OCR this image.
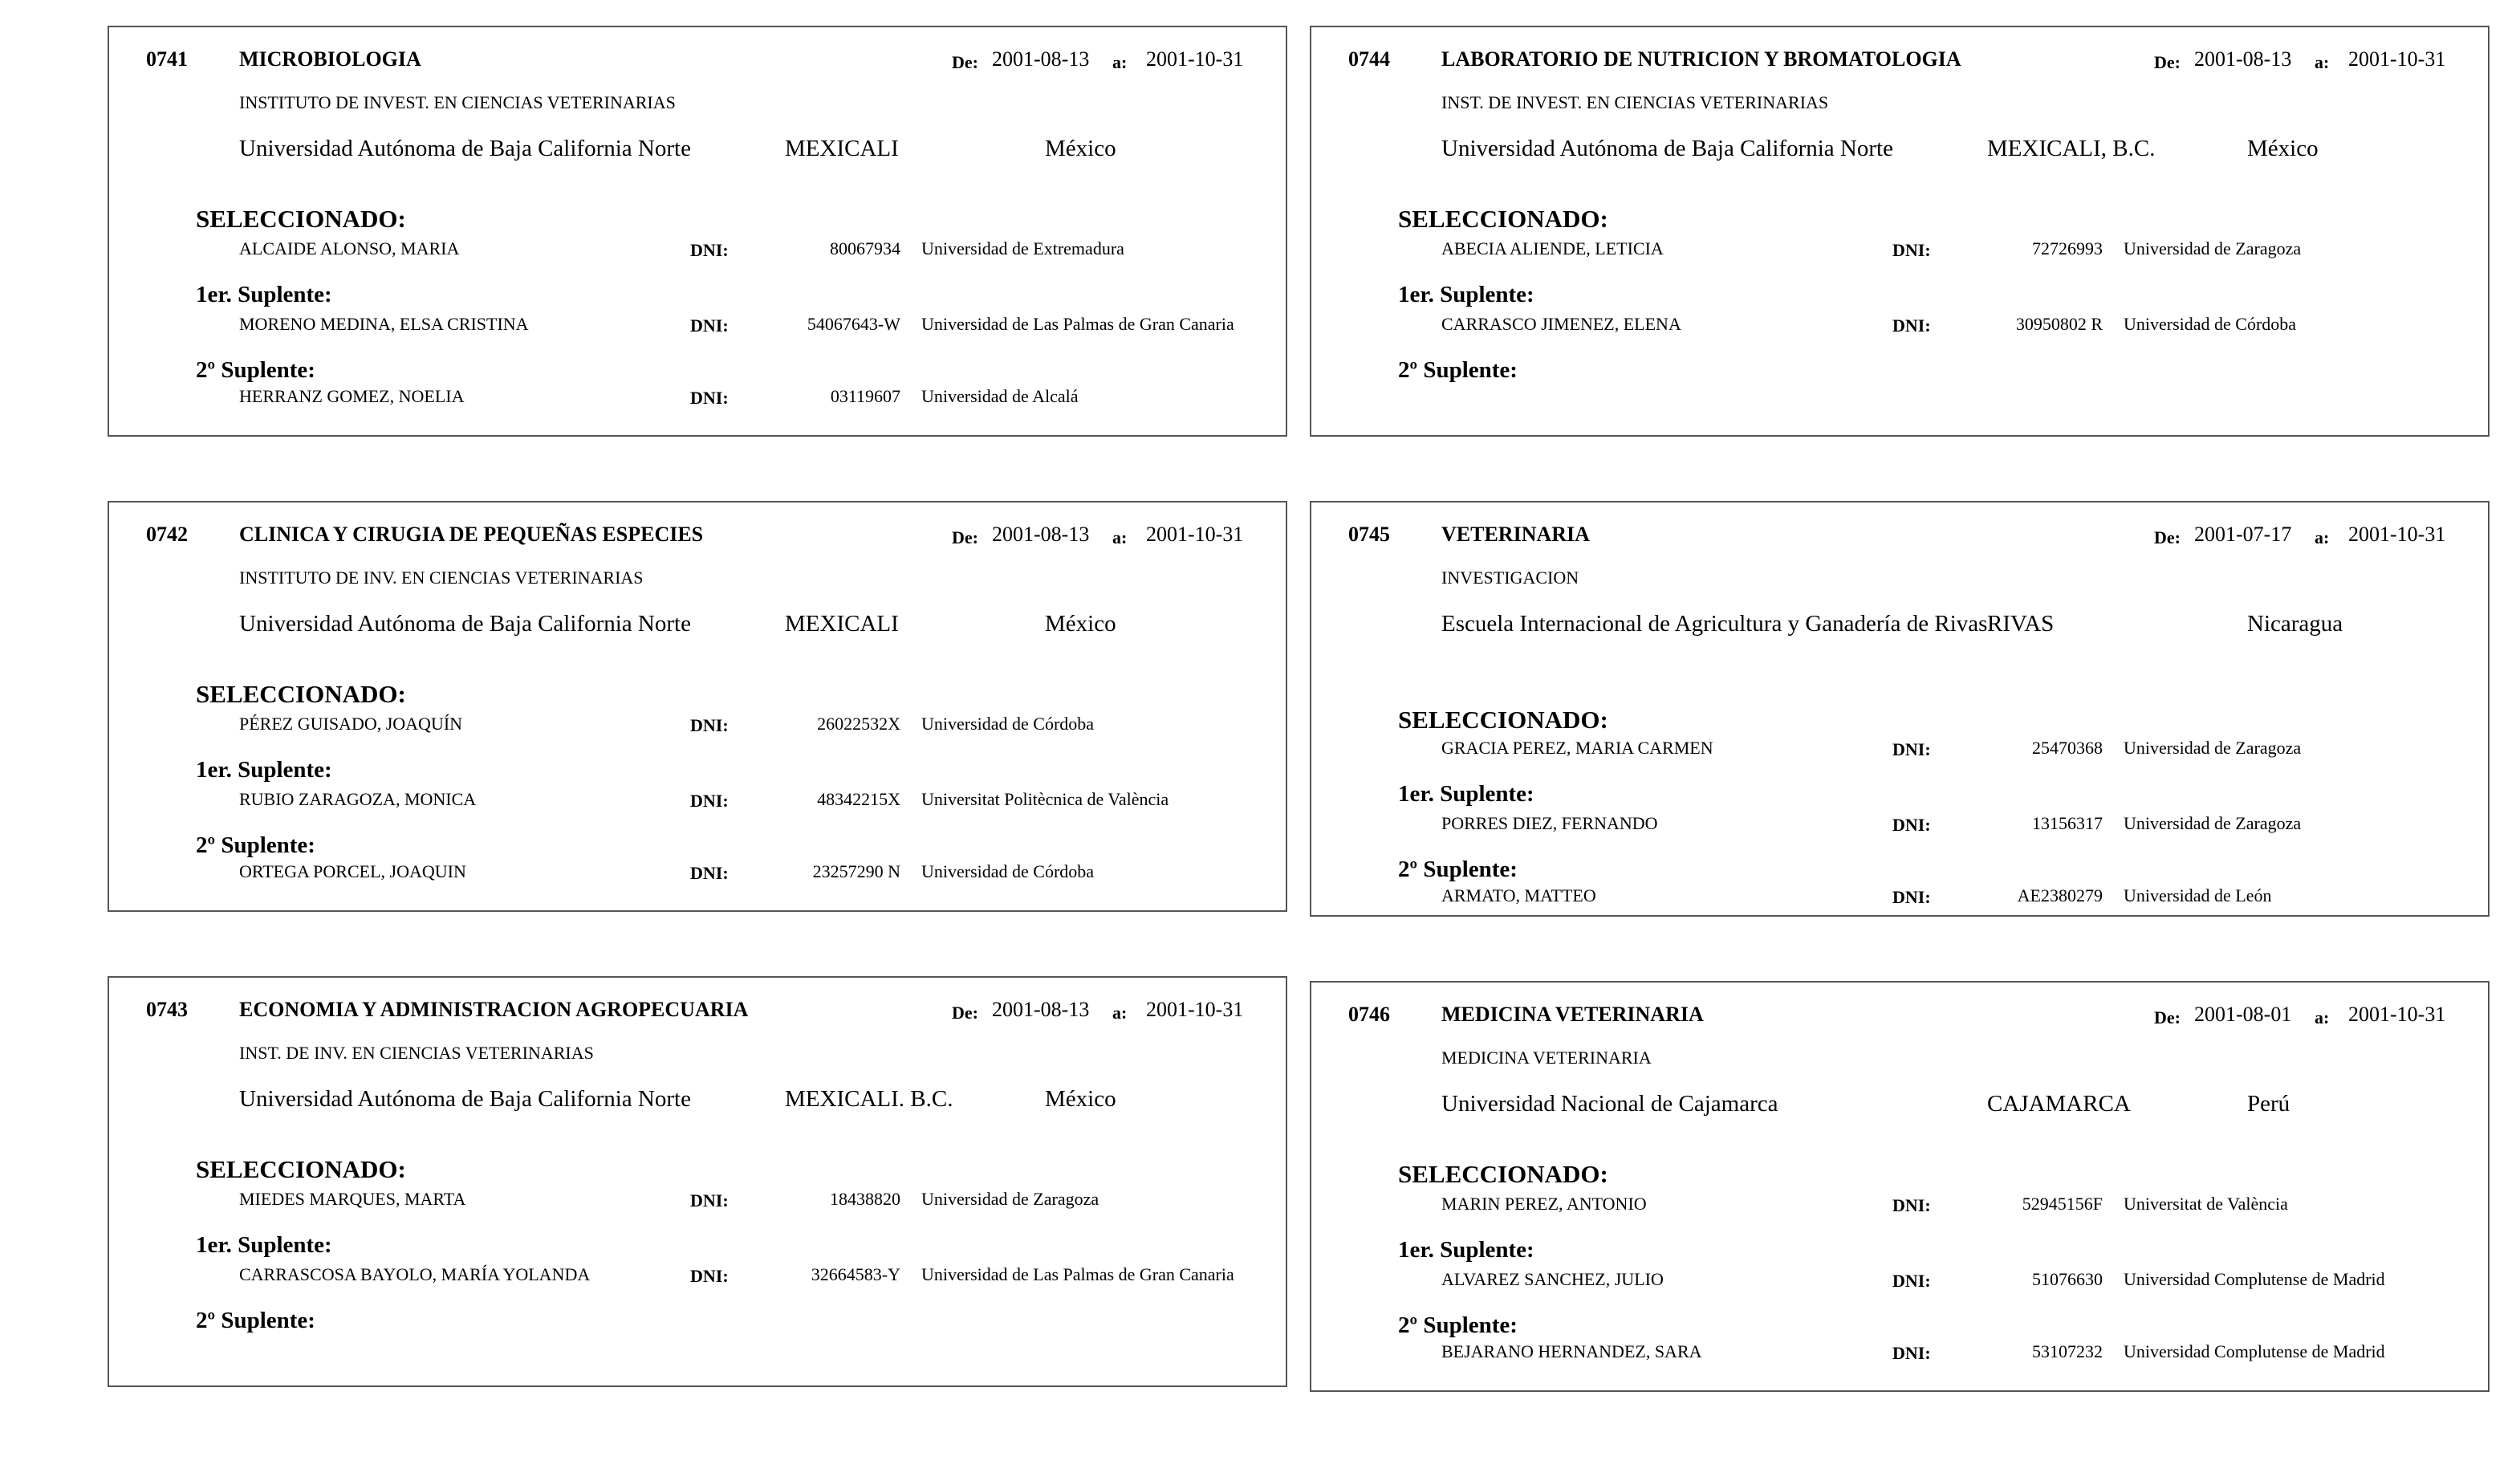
0741 MICROBIOLOGIA	De: 2001-08-13 a: 2001-10-31
INSTITUTO DE INVEST. EN CIENCIAS VETERINARIAS
Universidad Autónoma de Baja California Norte	MEXICALI	México
SELECCIONADO:
ALCAIDE ALONSO, MARIA	DNI:	80067934 Universidad de Extremadura
1er. Suplente:
MORENO MEDINA, ELSA CRISTINA	DNI:	54067643-W Universidad de Las Palmas de Gran Canaria
2º Suplente:
HERRANZ GOMEZ, NOELIA	DNI:	03119607 Universidad de Alcalá
0744 LABORATORIO DE NUTRICION Y BROMATOLOGIA	De: 2001-08-13 a: 2001-10-31
INST. DE INVEST. EN CIENCIAS VETERINARIAS
Universidad Autónoma de Baja California Norte	MEXICALI, B.C.	México
SELECCIONADO:
ABECIA ALIENDE, LETICIA	DNI:	72726993 Universidad de Zaragoza
1er. Suplente:
CARRASCO JIMENEZ, ELENA	DNI:	30950802 R Universidad de Córdoba
2º Suplente:
0742 CLINICA Y CIRUGIA DE PEQUEÑAS ESPECIES	De: 2001-08-13 a: 2001-10-31
INSTITUTO DE INV. EN CIENCIAS VETERINARIAS
Universidad Autónoma de Baja California Norte	MEXICALI	México
SELECCIONADO:
PÉREZ GUISADO, JOAQUÍN	DNI:	26022532X Universidad de Córdoba
1er. Suplente:
RUBIO ZARAGOZA, MONICA	DNI:	48342215X Universitat Politècnica de València
2º Suplente:
ORTEGA PORCEL, JOAQUIN	DNI:	23257290 N Universidad de Córdoba
0745 VETERINARIA	De: 2001-07-17 a: 2001-10-31
INVESTIGACION
Escuela Internacional de Agricultura y Ganadería de Rivas RIVAS	Nicaragua
SELECCIONADO:
GRACIA PEREZ, MARIA CARMEN	DNI:	25470368 Universidad de Zaragoza
1er. Suplente:
PORRES DIEZ, FERNANDO	DNI:	13156317 Universidad de Zaragoza
2º Suplente:
ARMATO, MATTEO	DNI:	AE2380279 Universidad de León
0743 ECONOMIA Y ADMINISTRACION AGROPECUARIA	De: 2001-08-13 a: 2001-10-31
INST. DE INV. EN CIENCIAS VETERINARIAS
Universidad Autónoma de Baja California Norte	MEXICALI. B.C.	México
SELECCIONADO:
MIEDES MARQUES, MARTA	DNI:	18438820 Universidad de Zaragoza
1er. Suplente:
CARRASCOSA BAYOLO, MARÍA YOLANDA	DNI:	32664583-Y Universidad de Las Palmas de Gran Canaria
2º Suplente:
0746 MEDICINA VETERINARIA	De: 2001-08-01 a: 2001-10-31
MEDICINA VETERINARIA
Universidad Nacional de Cajamarca	CAJAMARCA	Perú
SELECCIONADO:
MARIN PEREZ, ANTONIO	DNI:	52945156F Universitat de València
1er. Suplente:
ALVAREZ SANCHEZ, JULIO	DNI:	51076630 Universidad Complutense de Madrid
2º Suplente:
BEJARANO HERNANDEZ, SARA	DNI:	53107232 Universidad Complutense de Madrid
